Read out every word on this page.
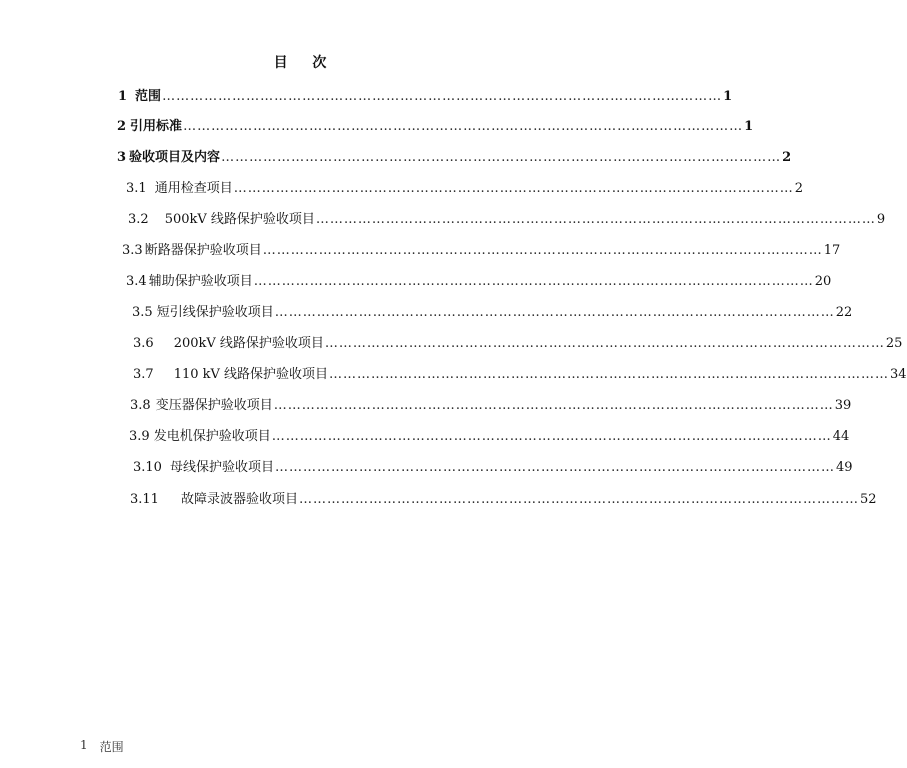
目 次
1 范围 ………………………………………………………………………………………………………… 1
2 引用标准 ………………………………………………………………………………………………………… 1
3 验收项目及内容 ………………………………………………………………………………………………………… 2
3.1 通用检查项目 ………………………………………………………………………………………………………… 2
3.2 500kV 线路保护验收项目 ………………………………………………………………………………………………………… 9
3.3 断路器保护验收项目 ………………………………………………………………………………………………………… 17
3.4 辅助保护验收项目 ………………………………………………………………………………………………………… 20
3.5 短引线保护验收项目 ………………………………………………………………………………………………………… 22
3.6 200kV 线路保护验收项目 ………………………………………………………………………………………………………… 25
3.7 110 kV 线路保护验收项目 ………………………………………………………………………………………………………… 34
3.8 变压器保护验收项目 ………………………………………………………………………………………………………… 39
3.9 发电机保护验收项目 ………………………………………………………………………………………………………… 44
3.10 母线保护验收项目 ………………………………………………………………………………………………………… 49
3.11 故障录波器验收项目 ………………………………………………………………………………………………………… 52
1 范围
